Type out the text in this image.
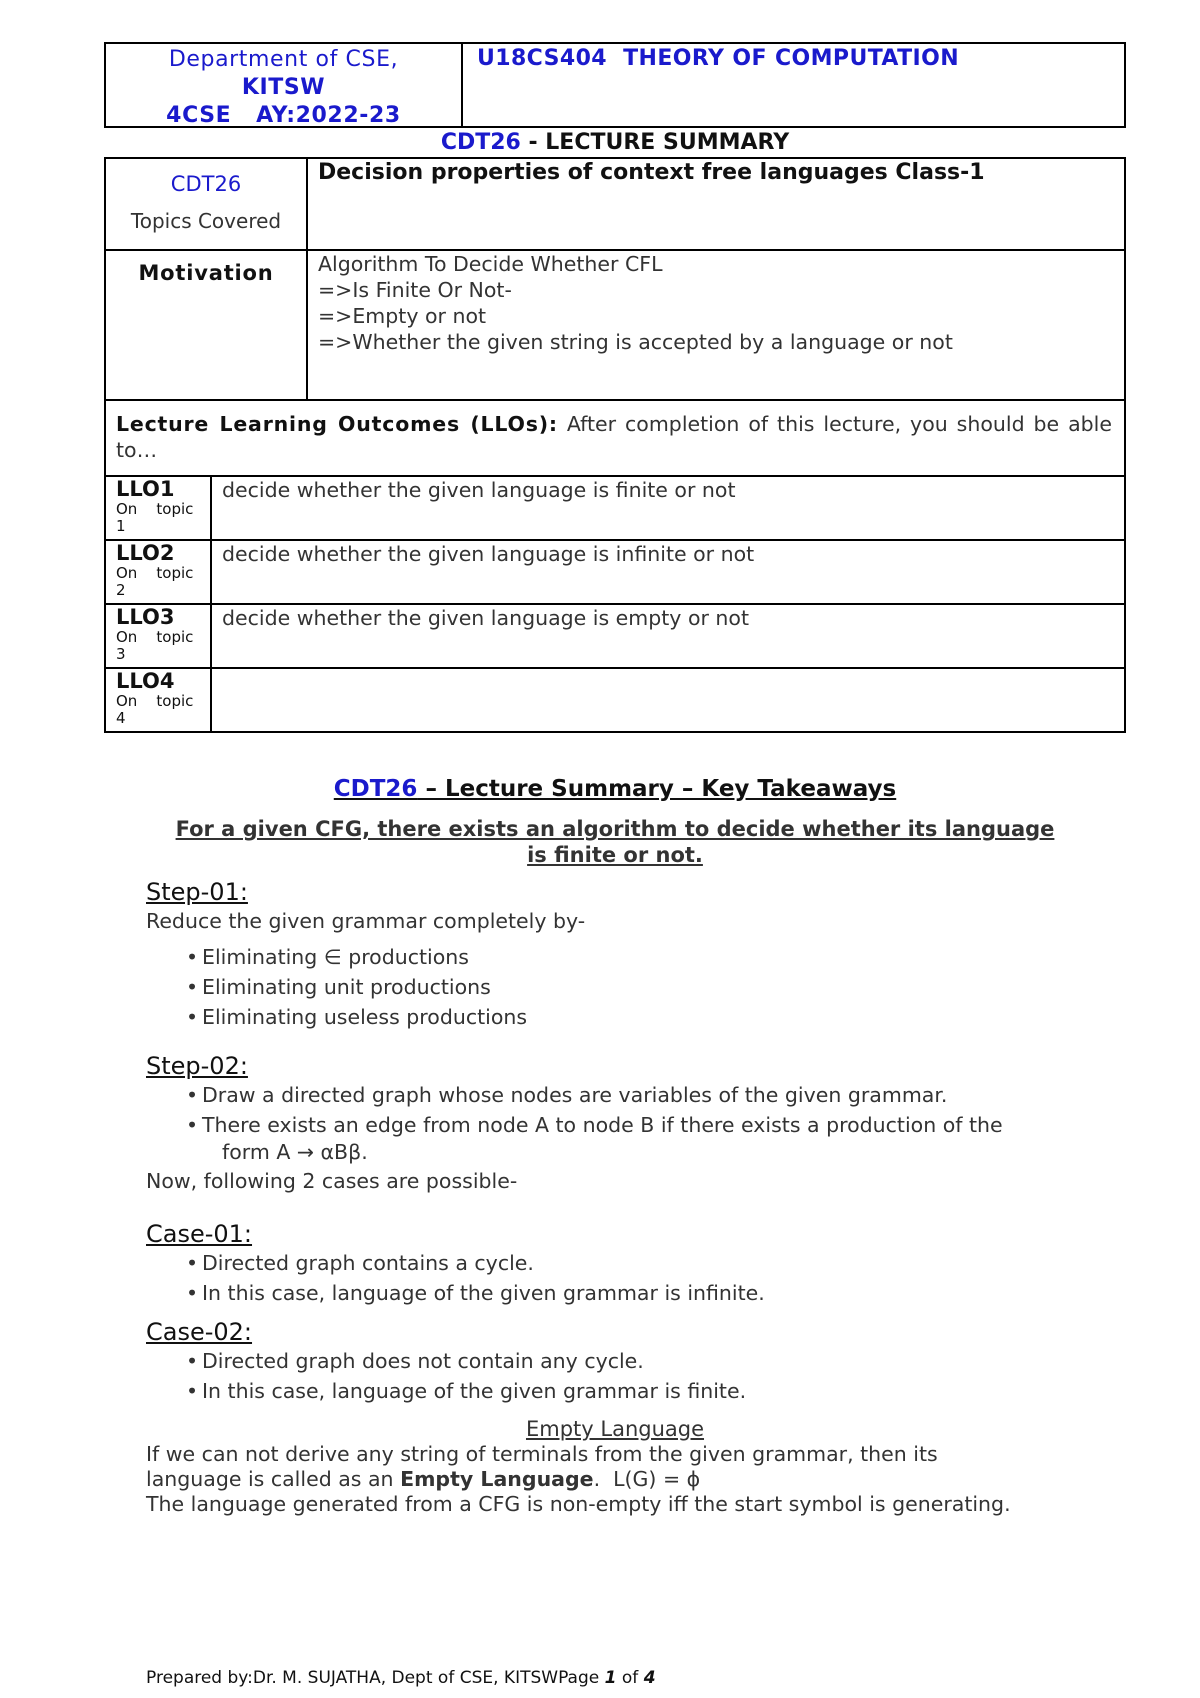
Department of CSE,
KITSW
4CSE   AY:2022-23
U18CS404  THEORY OF COMPUTATION
CDT26 - LECTURE SUMMARY
CDT26
Topics Covered
Decision properties of context free languages Class-1
Motivation	Algorithm To Decide Whether CFL
=>Is Finite Or Not-
=>Empty or not
=>Whether the given string is accepted by a language or not
Lecture Learning Outcomes (LLOs): After completion of this lecture, you should be able to…
LLO1
On topic
1
decide whether the given language is finite or not
LLO2
On topic
2
decide whether the given language is infinite or not
LLO3
On topic
3
decide whether the given language is empty or not
LLO4
On topic
4
CDT26 – Lecture Summary – Key Takeaways
For a given CFG, there exists an algorithm to decide whether its language
is finite or not.
Step-01:

Reduce the given grammar completely by-

• Eliminating ∈ productions
• Eliminating unit productions
• Eliminating useless productions
Step-02:
• Draw a directed graph whose nodes are variables of the given grammar.
• There exists an edge from node A to node B if there exists a production of the
form A → αBβ.

Now, following 2 cases are possible-

Case-01:
• Directed graph contains a cycle.
• In this case, language of the given grammar is infinite.
Case-02:
• Directed graph does not contain any cycle.
• In this case, language of the given grammar is finite.
Empty Language
If we can not derive any string of terminals from the given grammar, then its
language is called as an Empty Language.  L(G) = ϕ
The language generated from a CFG is non-empty iff the start symbol is generating.
Prepared by:Dr. M. SUJATHA, Dept of CSE, KITSWPage 1 of 4
